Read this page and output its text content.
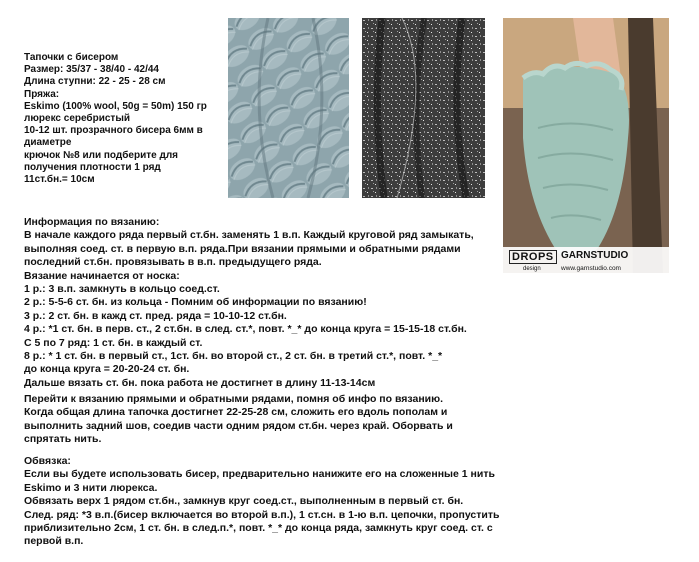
Тапочки с бисером
Размер: 35/37 - 38/40 - 42/44
Длина ступни: 22 - 25 - 28 см
Пряжа:
Eskimo (100% wool, 50g = 50m) 150 гр
люрекс серебристый
10-12 шт. прозрачного бисера 6мм в
диаметре
крючок №8 или подберите для
получения плотности 1 ряд
11ст.бн.= 10см
Информация по вязанию:
В начале каждого ряда первый ст.бн. заменять 1 в.п. Каждый круговой ряд замыкать,
выполняя соед. ст. в первую в.п. ряда.При вязании прямыми и обратными рядами
последний ст.бн. провязывать в в.п. предыдущего ряда.
Вязание начинается от носка:
1 р.: 3 в.п. замкнуть в кольцо соед.ст.
2 р.: 5-5-6 ст. бн. из кольца - Помним об информации по вязанию!
3 р.: 2 ст. бн. в кажд ст. пред. ряда = 10-10-12 ст.бн.
4 р.: *1 ст. бн. в перв. ст., 2 ст.бн. в след. ст.*, повт. *_* до конца круга = 15-15-18 ст.бн.
С 5 по 7 ряд: 1 ст. бн. в каждый ст.
8 р.: * 1 ст. бн. в первый ст., 1ст. бн. во второй ст., 2 ст. бн. в третий ст.*, повт. *_*
до конца круга = 20-20-24 ст. бн.
Дальше вязать ст. бн. пока работа не достигнет в длину 11-13-14см
Перейти к вязанию прямыми и обратными рядами, помня об инфо по вязанию.
Когда общая длина тапочка достигнет 22-25-28 см, сложить его вдоль пополам и
выполнить задний шов, соедив части одним рядом ст.бн. через край. Оборвать и
спрятать нить.
Обвязка:
Если вы будете использовать бисер, предварительно нанижите его на сложенные 1 нить
Eskimo и 3 нити люрекса.
Обвязать верх 1 рядом ст.бн., замкнув круг соед.ст., выполненным в первый ст. бн.
След. ряд: *3 в.п.(бисер включается во второй в.п.), 1 ст.сн. в 1-ю в.п. цепочки, пропустить
приблизительно 2см, 1 ст. бн. в след.п.*, повт. *_* до конца ряда, замкнуть круг соед. ст. с
первой в.п.
DROPS
design
GARNSTUDIO
www.garnstudio.com
